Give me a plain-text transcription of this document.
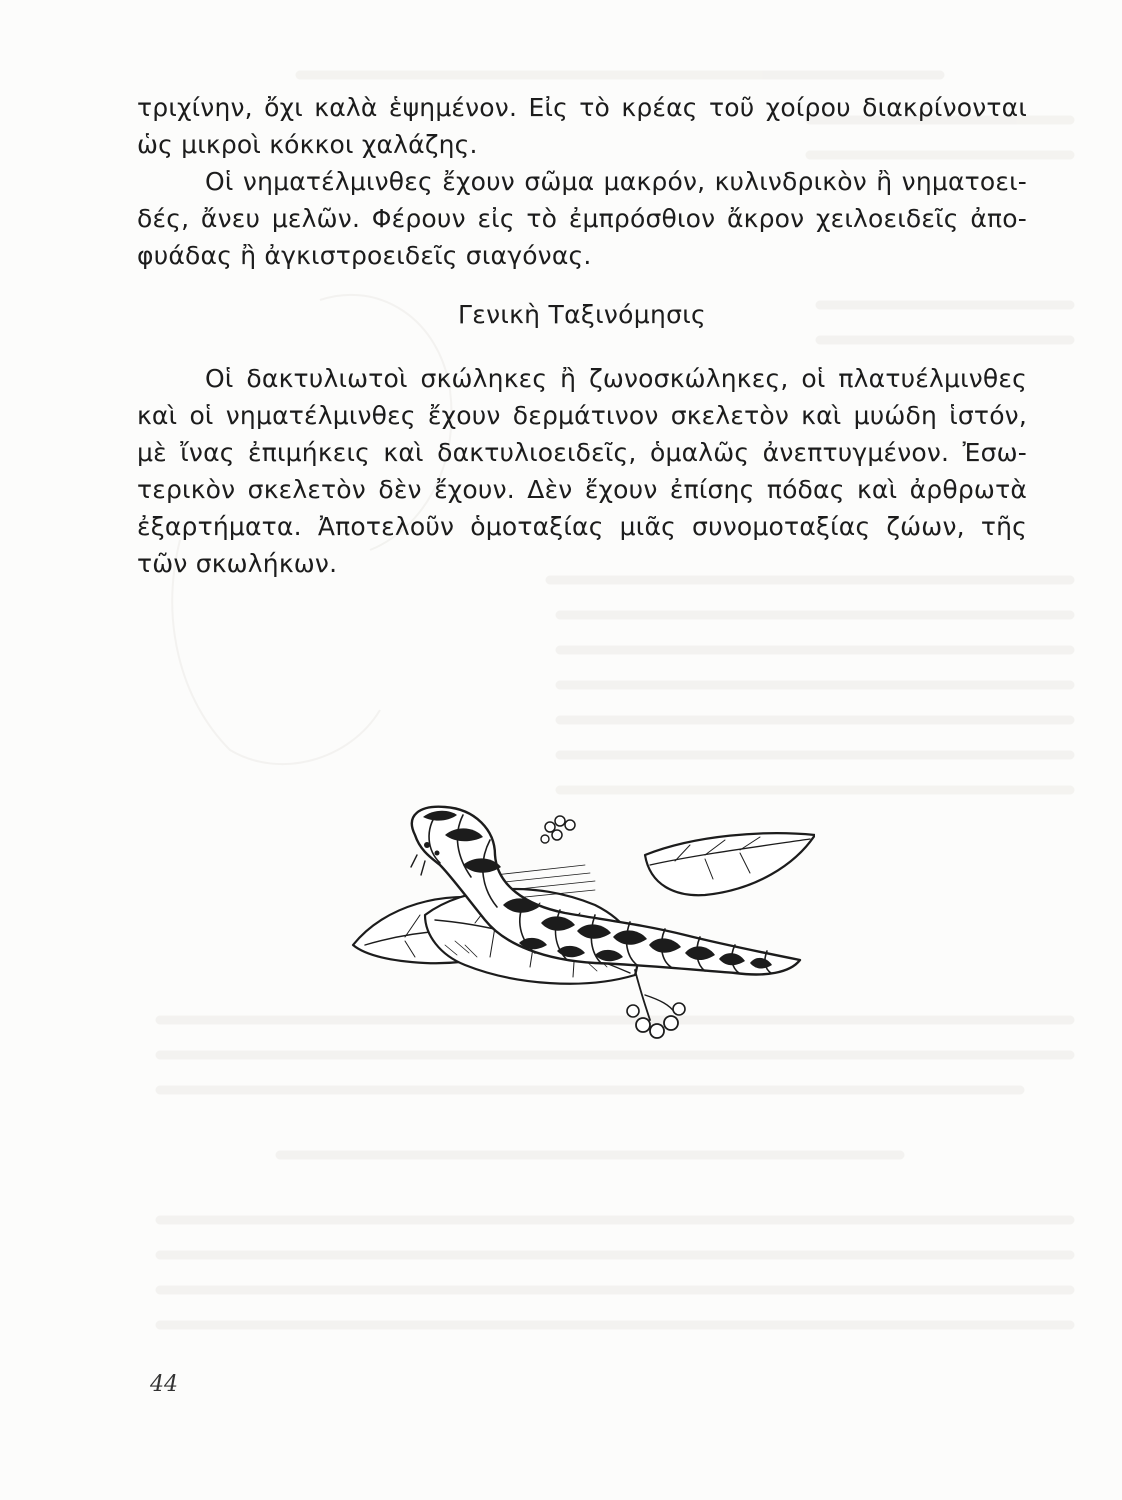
τριχίνην, ὄχι καλὰ ἑψημένον. Εἰς τὸ κρέας τοῦ χοίρου διακρίνονται
ὡς μικροὶ κόκκοι χαλάζης.
Οἱ νηματέλμινθες ἔχουν σῶμα μακρόν, κυλινδρικὸν ἢ νηματοει-
δές, ἄνευ μελῶν. Φέρουν εἰς τὸ ἐμπρόσθιον ἄκρον χειλοειδεῖς ἀπο-
φυάδας ἢ ἀγκιστροειδεῖς σιαγόνας.
Γενικὴ Ταξινόμησις
Οἱ δακτυλιωτοὶ σκώληκες ἢ ζωνοσκώληκες, οἱ πλατυέλμινθες
καὶ οἱ νηματέλμινθες ἔχουν δερμάτινον σκελετὸν καὶ μυώδη ἱστόν,
μὲ ἴνας ἐπιμήκεις καὶ δακτυλιοειδεῖς, ὁμαλῶς ἀνεπτυγμένον. Ἐσω-
τερικὸν σκελετὸν δὲν ἔχουν. Δὲν ἔχουν ἐπίσης πόδας καὶ ἀρθρωτὰ
ἐξαρτήματα. Ἀποτελοῦν ὁμοταξίας μιᾶς συνομοταξίας ζώων, τῆς
τῶν σκωλήκων.
44
